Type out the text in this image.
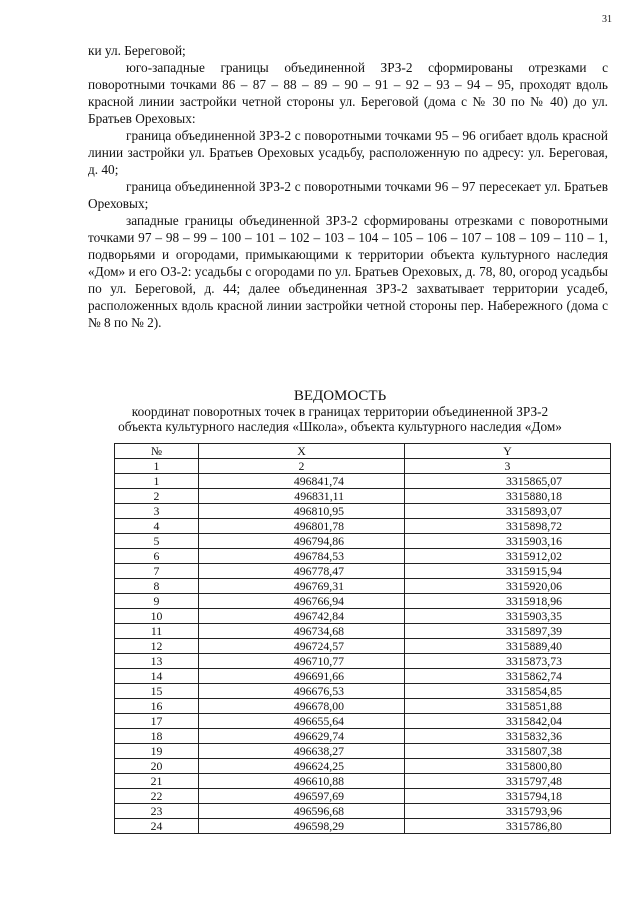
31

ки ул. Береговой;

юго-западные границы объединенной ЗРЗ-2 сформированы отрезками с поворотными точками 86 – 87 – 88 – 89 – 90 – 91 – 92 – 93 – 94 – 95, проходят вдоль красной линии застройки четной стороны ул. Береговой (дома с № 30 по № 40) до ул. Братьев Ореховых:

граница объединенной ЗРЗ-2 с поворотными точками 95 – 96 огибает вдоль красной линии застройки ул. Братьев Ореховых усадьбу, расположенную по адресу: ул. Береговая, д. 40;

граница объединенной ЗРЗ-2 с поворотными точками 96 – 97 пересекает ул. Братьев Ореховых;

западные границы объединенной ЗРЗ-2 сформированы отрезками с поворотными точками 97 – 98 – 99 – 100 – 101 – 102 – 103 – 104 – 105 – 106 – 107 – 108 – 109 – 110 – 1, подворьями и огородами, примыкающими к территории объекта культурного наследия «Дом» и его ОЗ-2: усадьбы с огородами по ул. Братьев Ореховых, д. 78, 80, огород усадьбы по ул. Береговой, д. 44; далее объединенная ЗРЗ-2 захватывает территории усадеб, расположенных вдоль красной линии застройки четной стороны пер. Набережного (дома с № 8 по № 2).

ВЕДОМОСТЬ
координат поворотных точек в границах территории объединенной ЗРЗ-2
объекта культурного наследия «Школа», объекта культурного наследия «Дом»
№	X	Y
1	2	3
1	496841,74	3315865,07
2	496831,11	3315880,18
3	496810,95	3315893,07
4	496801,78	3315898,72
5	496794,86	3315903,16
6	496784,53	3315912,02
7	496778,47	3315915,94
8	496769,31	3315920,06
9	496766,94	3315918,96
10	496742,84	3315903,35
11	496734,68	3315897,39
12	496724,57	3315889,40
13	496710,77	3315873,73
14	496691,66	3315862,74
15	496676,53	3315854,85
16	496678,00	3315851,88
17	496655,64	3315842,04
18	496629,74	3315832,36
19	496638,27	3315807,38
20	496624,25	3315800,80
21	496610,88	3315797,48
22	496597,69	3315794,18
23	496596,68	3315793,96
24	496598,29	3315786,80
